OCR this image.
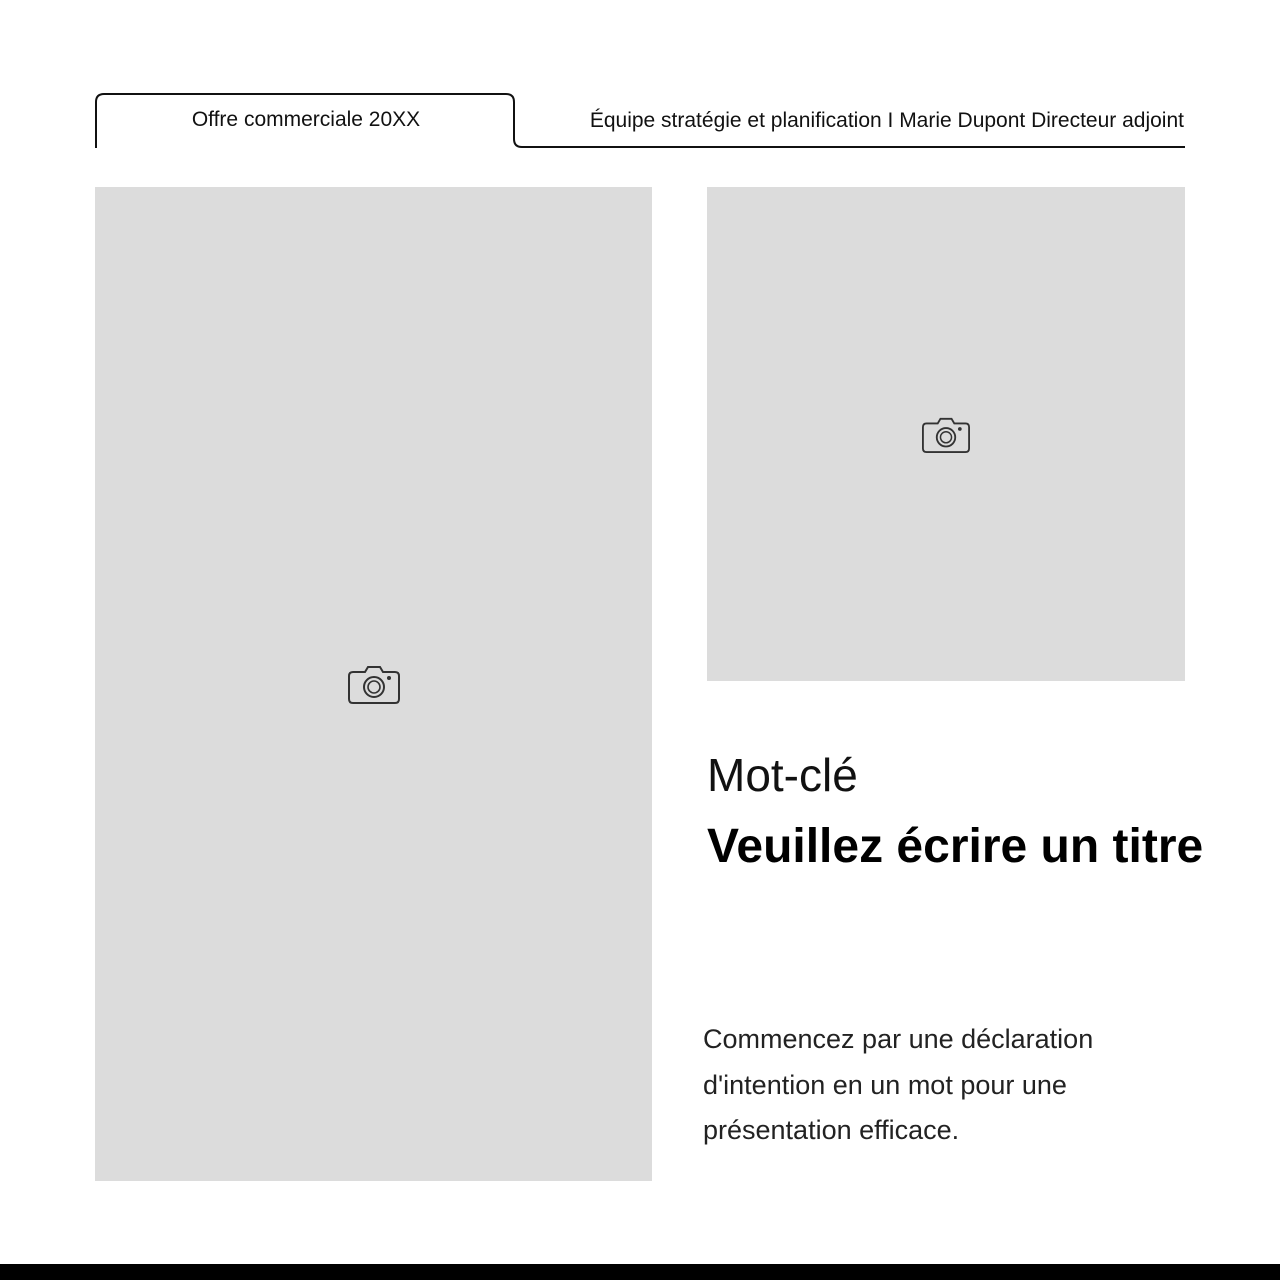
Offre commerciale 20XX	Équipe stratégie et planification I Marie Dupont Directeur adjoint
Mot-clé
Veuillez écrire un titre

Commencez par une déclaration d'intention en un mot pour une présentation efficace.
